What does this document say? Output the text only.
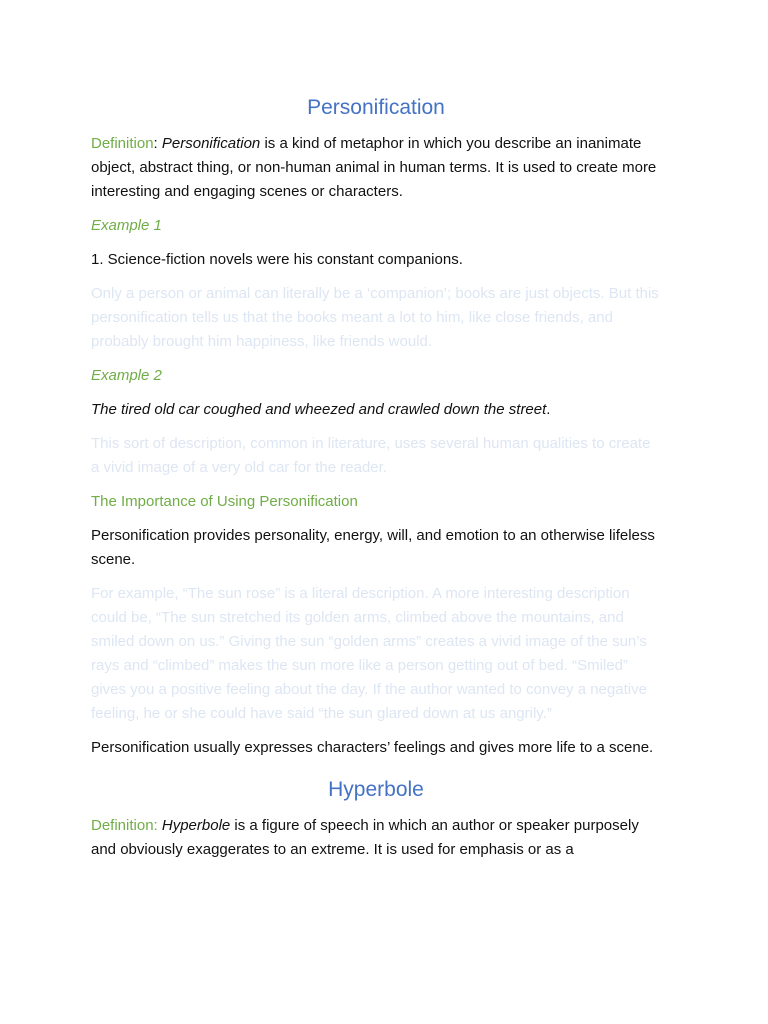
Personification

Definition: Personification is a kind of metaphor in which you describe an inanimate object, abstract thing, or non-human animal in human terms. It is used to create more interesting and engaging scenes or characters.

Example 1

1. Science-fiction novels were his constant companions.

Only a person or animal can literally be a ‘companion’; books are just objects. But this personification tells us that the books meant a lot to him, like close friends, and probably brought him happiness, like friends would.

Example 2

The tired old car coughed and wheezed and crawled down the street.

This sort of description, common in literature, uses several human qualities to create a vivid image of a very old car for the reader.

The Importance of Using Personification

Personification provides personality, energy, will, and emotion to an otherwise lifeless scene.

For example, “The sun rose” is a literal description. A more interesting description could be, “The sun stretched its golden arms, climbed above the mountains, and smiled down on us.” Giving the sun “golden arms” creates a vivid image of the sun’s rays and “climbed” makes the sun more like a person getting out of bed. “Smiled” gives you a positive feeling about the day. If the author wanted to convey a negative feeling, he or she could have said “the sun glared down at us angrily.”

Personification usually expresses characters’ feelings and gives more life to a scene.

Hyperbole

Definition: Hyperbole is a figure of speech in which an author or speaker purposely and obviously exaggerates to an extreme. It is used for emphasis or as a
